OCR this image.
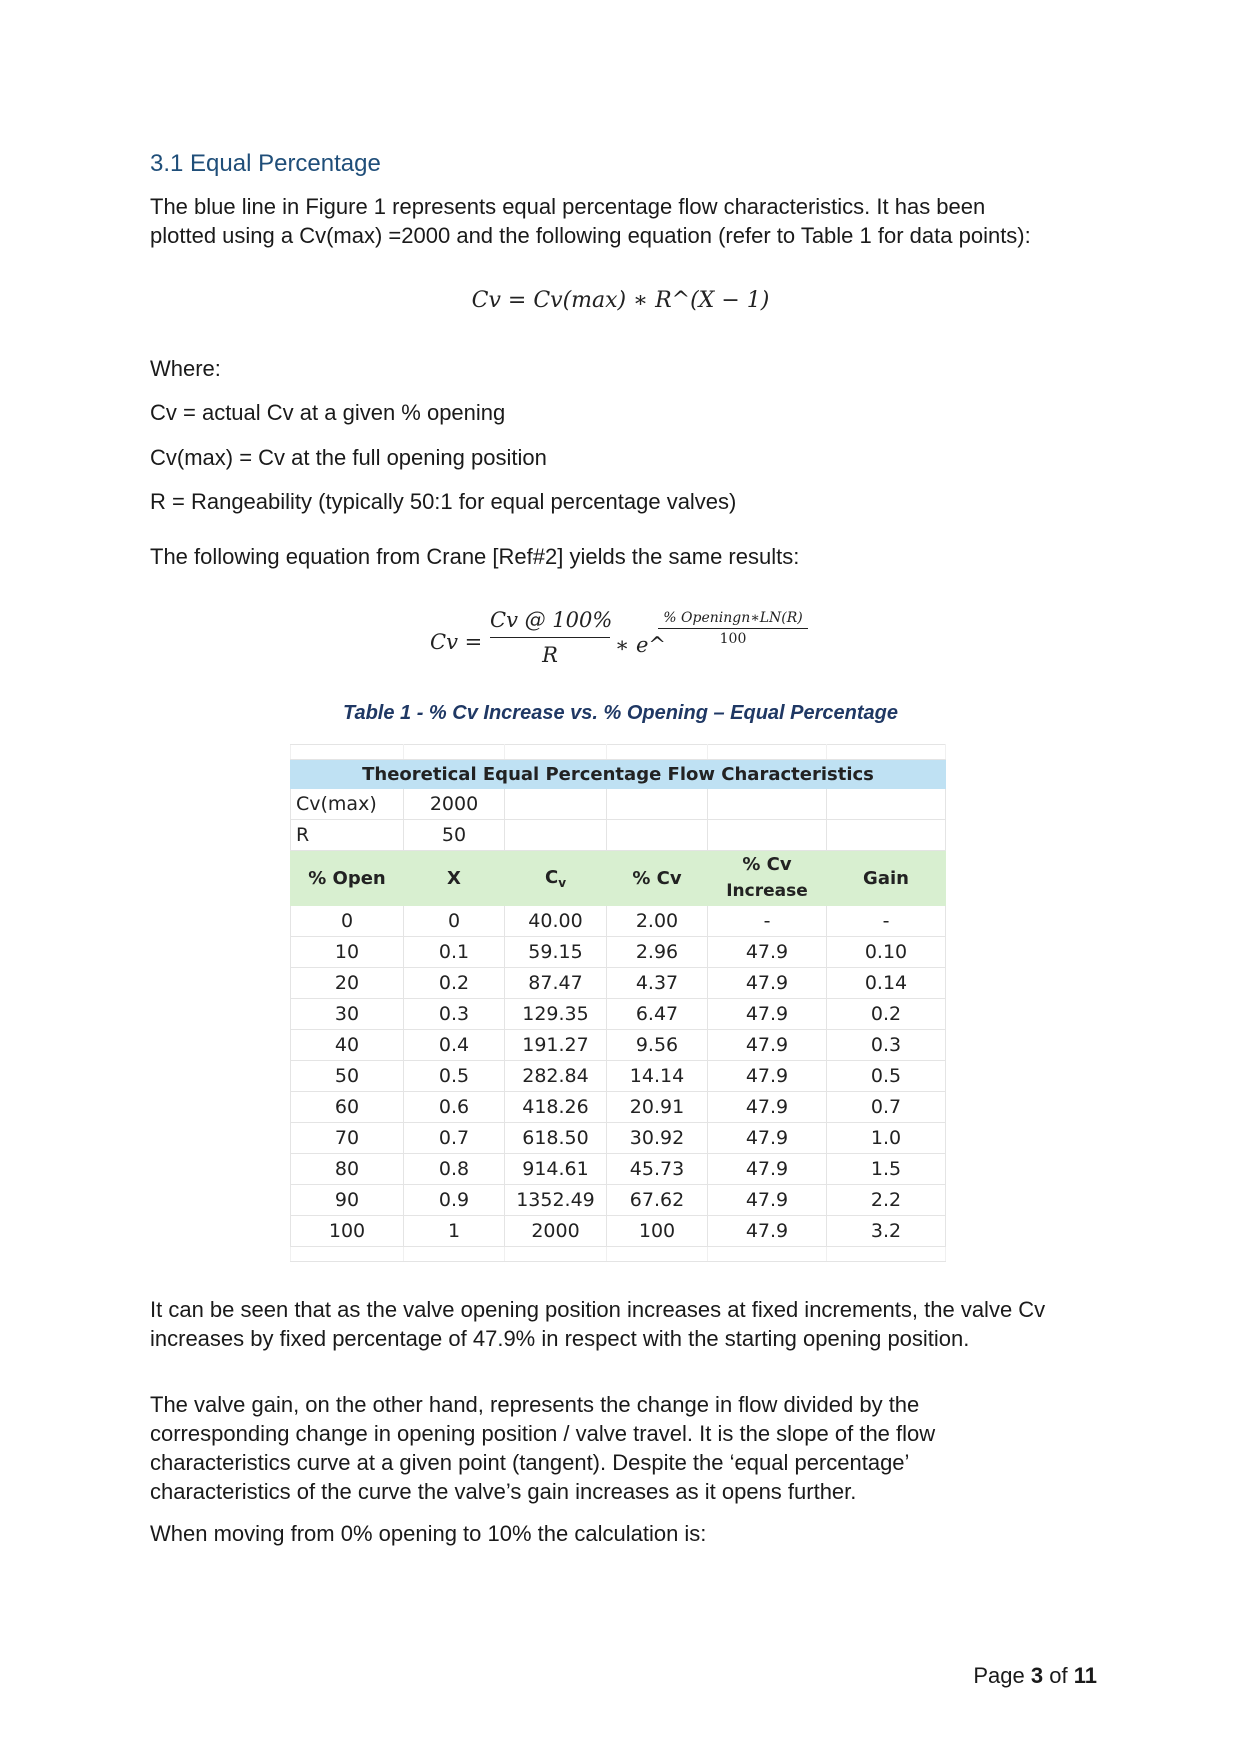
3.1 Equal Percentage

The blue line in Figure 1 represents equal percentage flow characteristics. It has been
plotted using a Cv(max) =2000 and the following equation (refer to Table 1 for data points):

Cv = Cv(max) ∗ R^(X − 1)

Where:

Cv = actual Cv at a given % opening

Cv(max) = Cv at the full opening position

R = Rangeability (typically 50:1 for equal percentage valves)

The following equation from Crane [Ref#2] yields the same results:

Cv =
Cv @ 100%
R	∗ e^
% Openingn∗LN(R)
100
Table 1 - % Cv Increase vs. % Opening – Equal Percentage

Theoretical Equal Percentage Flow Characteristics					
Cv(max)	2000				
R	50				
% Open	X	$C_v$	% Cv	% Cv
Increase	Gain
0	0	40.00	2.00	-	-
10	0.1	59.15	2.96	47.9	0.10
20	0.2	87.47	4.37	47.9	0.14
30	0.3	129.35	6.47	47.9	0.2
40	0.4	191.27	9.56	47.9	0.3
50	0.5	282.84	14.14	47.9	0.5
60	0.6	418.26	20.91	47.9	0.7
70	0.7	618.50	30.92	47.9	1.0
80	0.8	914.61	45.73	47.9	1.5
90	0.9	1352.49	67.62	47.9	2.2
100	1	2000	100	47.9	3.2

It can be seen that as the valve opening position increases at fixed increments, the valve Cv
increases by fixed percentage of 47.9% in respect with the starting opening position.

The valve gain, on the other hand, represents the change in flow divided by the
corresponding change in opening position / valve travel. It is the slope of the flow
characteristics curve at a given point (tangent). Despite the ‘equal percentage’
characteristics of the curve the valve’s gain increases as it opens further.

When moving from 0% opening to 10% the calculation is:

Page 3 of 11
